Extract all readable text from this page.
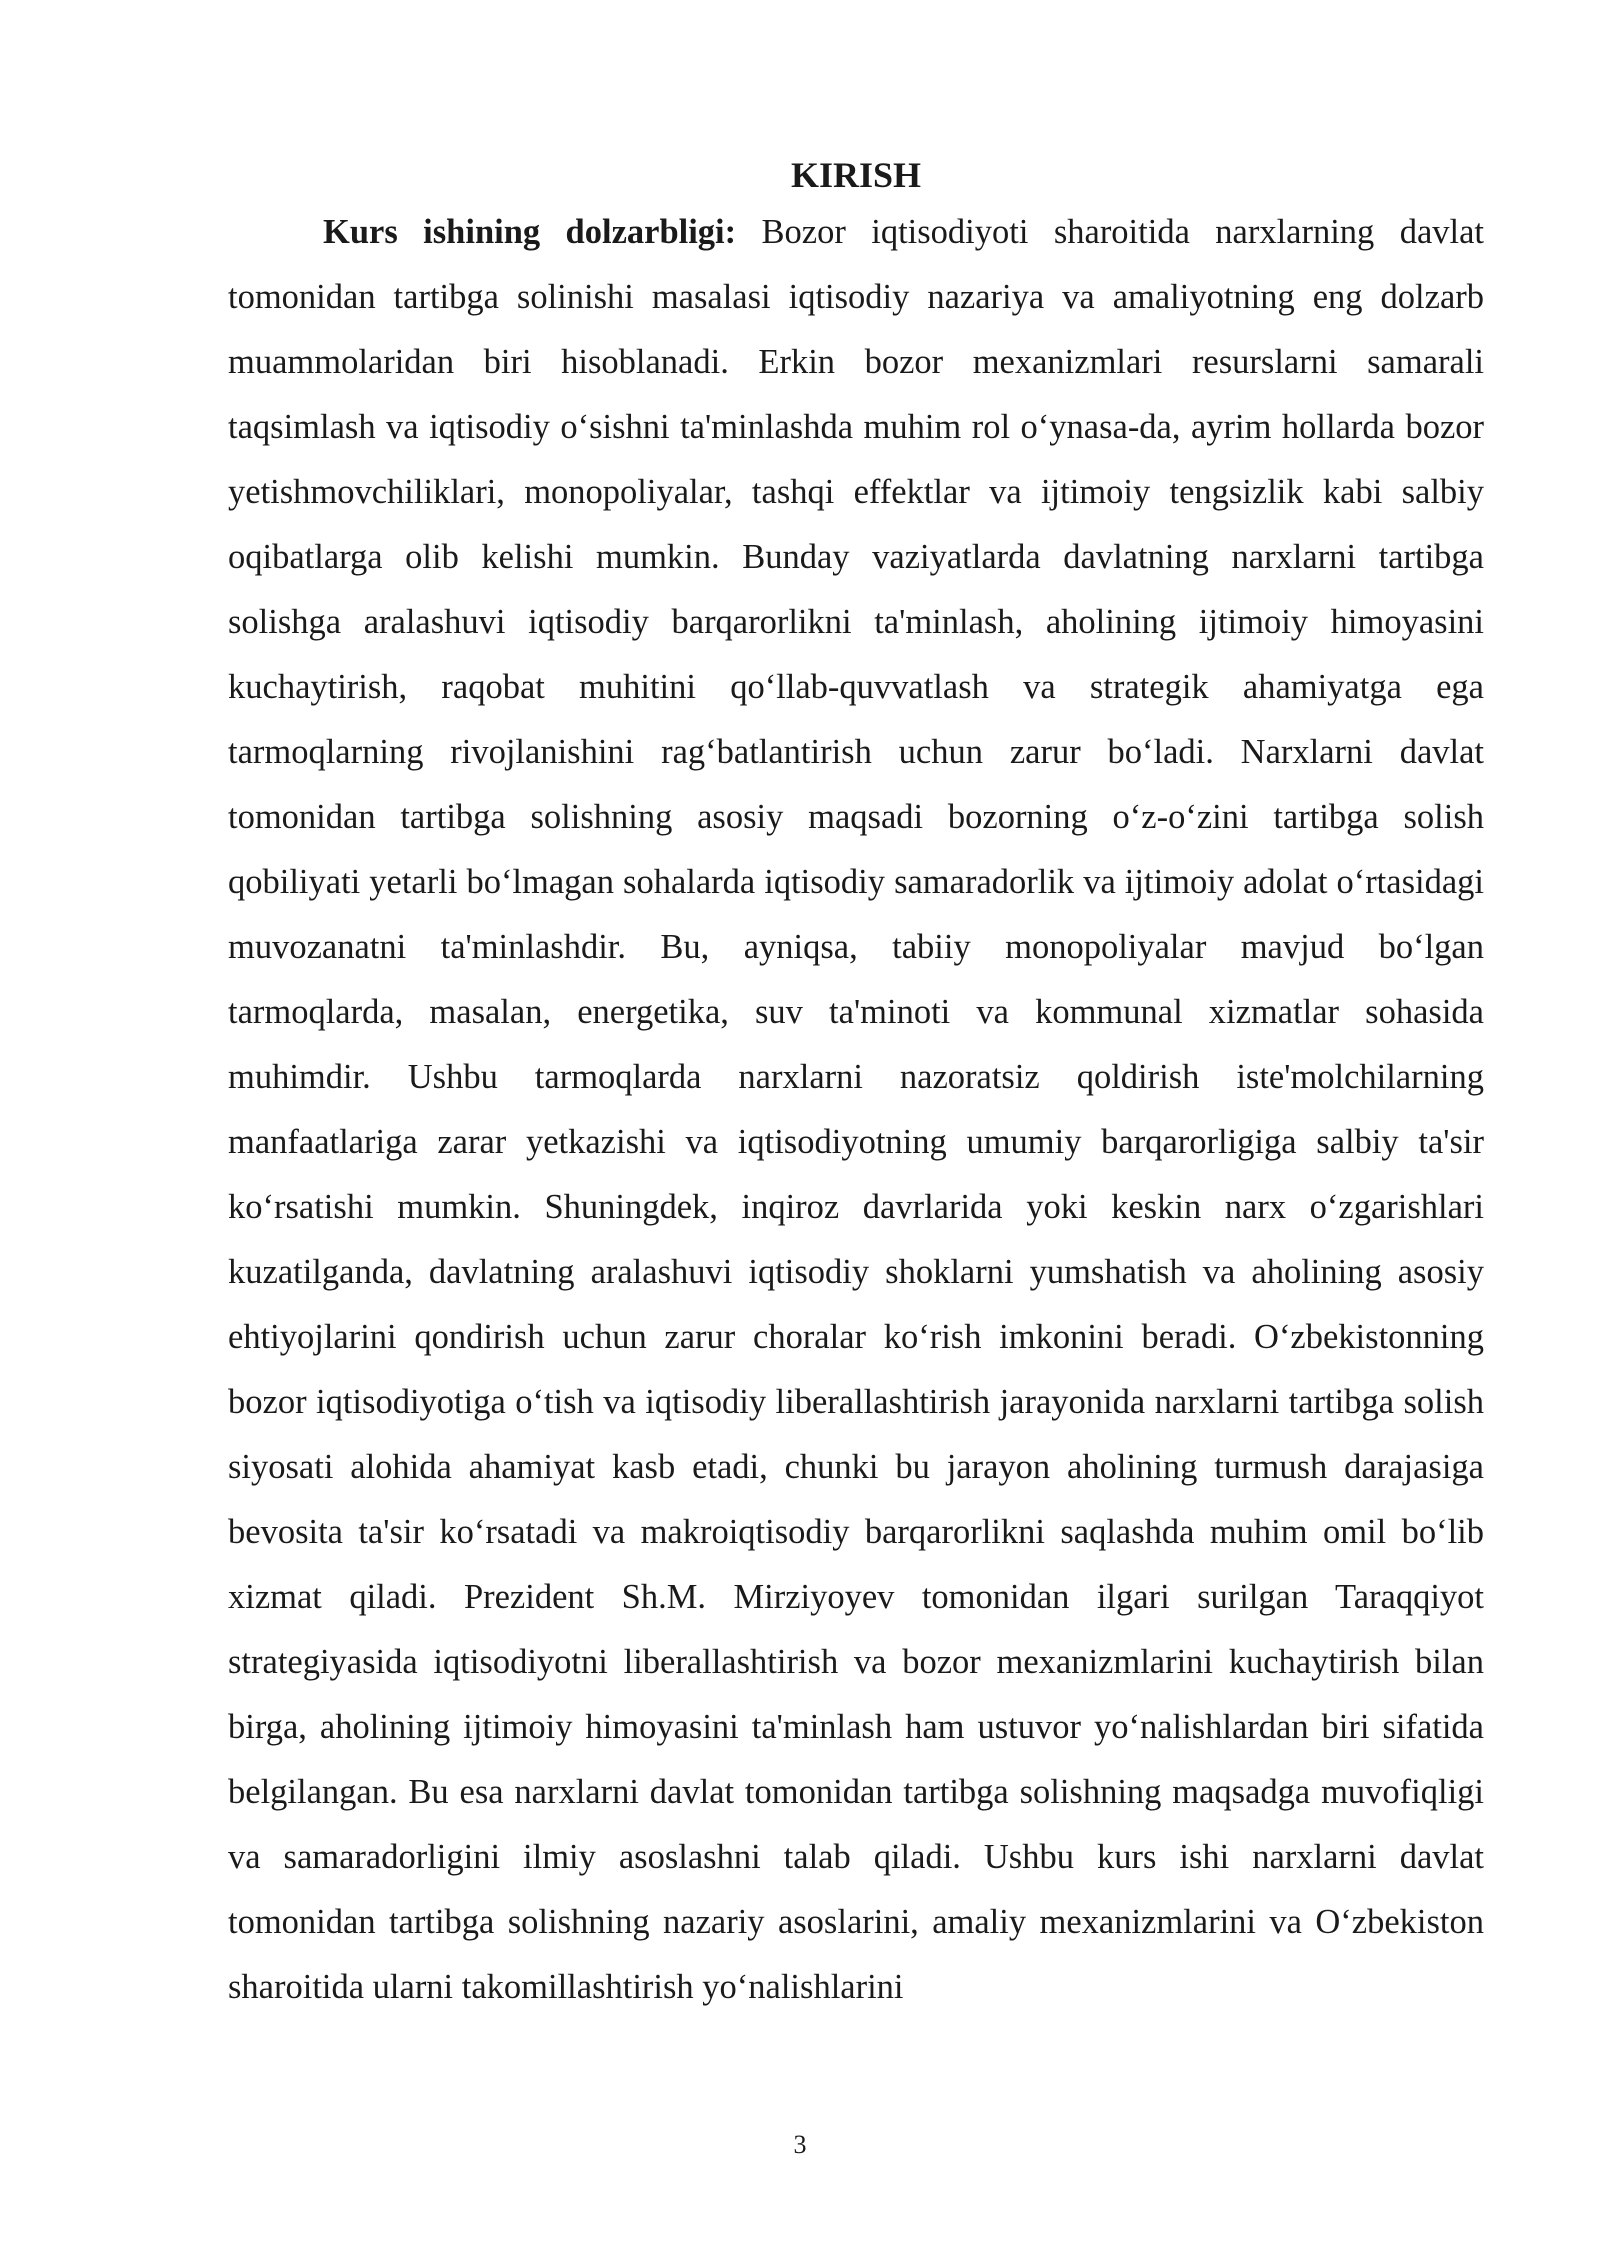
KIRISH

Kurs ishining dolzarbligi: Bozor iqtisodiyoti sharoitida narxlarning davlat tomonidan tartibga solinishi masalasi iqtisodiy nazariya va amaliyotning eng dolzarb muammolaridan biri hisoblanadi. Erkin bozor mexanizmlari resurslarni samarali taqsimlash va iqtisodiy o‘sishni ta'minlashda muhim rol o‘ynasa-da, ayrim hollarda bozor yetishmovchiliklari, monopoliyalar, tashqi effektlar va ijtimoiy tengsizlik kabi salbiy oqibatlarga olib kelishi mumkin. Bunday vaziyatlarda davlatning narxlarni tartibga solishga aralashuvi iqtisodiy barqarorlikni ta'minlash, aholining ijtimoiy himoyasini kuchaytirish, raqobat muhitini qo‘llab-quvvatlash va strategik ahamiyatga ega tarmoqlarning rivojlanishini rag‘batlantirish uchun zarur bo‘ladi. Narxlarni davlat tomonidan tartibga solishning asosiy maqsadi bozorning o‘z-o‘zini tartibga solish qobiliyati yetarli bo‘lmagan sohalarda iqtisodiy samaradorlik va ijtimoiy adolat o‘rtasidagi muvozanatni ta'minlashdir. Bu, ayniqsa, tabiiy monopoliyalar mavjud bo‘lgan tarmoqlarda, masalan, energetika, suv ta'minoti va kommunal xizmatlar sohasida muhimdir. Ushbu tarmoqlarda narxlarni nazoratsiz qoldirish iste'molchilarning manfaatlariga zarar yetkazishi va iqtisodiyotning umumiy barqarorligiga salbiy ta'sir ko‘rsatishi mumkin. Shuningdek, inqiroz davrlarida yoki keskin narx o‘zgarishlari kuzatilganda, davlatning aralashuvi iqtisodiy shoklarni yumshatish va aholining asosiy ehtiyojlarini qondirish uchun zarur choralar ko‘rish imkonini beradi. O‘zbekistonning bozor iqtisodiyotiga o‘tish va iqtisodiy liberallashtirish jarayonida narxlarni tartibga solish siyosati alohida ahamiyat kasb etadi, chunki bu jarayon aholining turmush darajasiga bevosita ta'sir ko‘rsatadi va makroiqtisodiy barqarorlikni saqlashda muhim omil bo‘lib xizmat qiladi. Prezident Sh.M. Mirziyoyev tomonidan ilgari surilgan Taraqqiyot strategiyasida iqtisodiyotni liberallashtirish va bozor mexanizmlarini kuchaytirish bilan birga, aholining ijtimoiy himoyasini ta'minlash ham ustuvor yo‘nalishlardan biri sifatida belgilangan. Bu esa narxlarni davlat tomonidan tartibga solishning maqsadga muvofiqligi va samaradorligini ilmiy asoslashni talab qiladi. Ushbu kurs ishi narxlarni davlat tomonidan tartibga solishning nazariy asoslarini, amaliy mexanizmlarini va O‘zbekiston sharoitida ularni takomillashtirish yo‘nalishlarini

3
